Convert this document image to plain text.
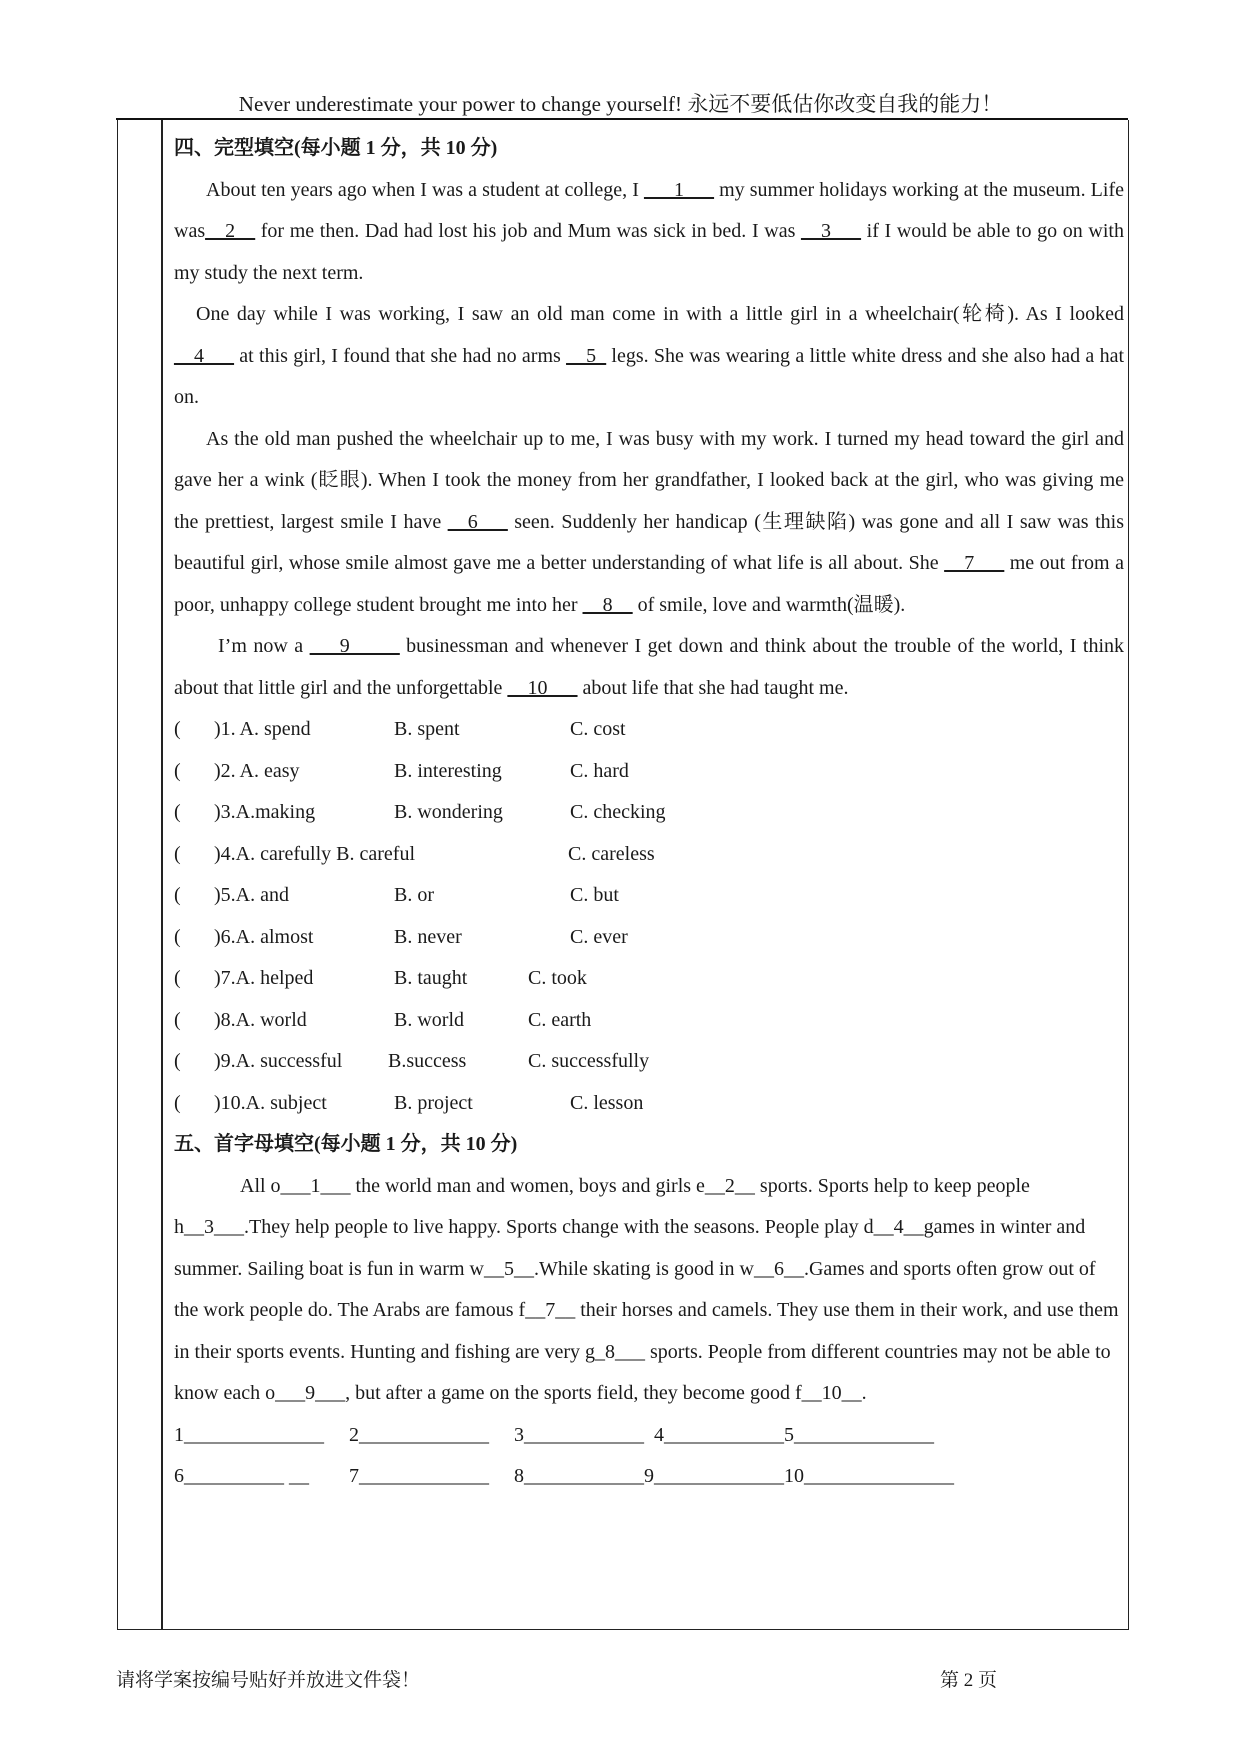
Never underestimate your power to change yourself! 永远不要低估你改变自我的能力！
四、完型填空(每小题 1 分，共 10 分)

About ten years ago when I was a student at college, I ___1___ my summer holidays working at the museum. Life was__2__ for me then. Dad had lost his job and Mum was sick in bed. I was __3___ if I would be able to go on with my study the next term.

One day while I was working, I saw an old man come in with a little girl in a wheelchair(轮椅). As I looked __4___ at this girl, I found that she had no arms __5_ legs. She was wearing a little white dress and she also had a hat on.

As the old man pushed the wheelchair up to me, I was busy with my work. I turned my head toward the girl and gave her a wink (眨眼). When I took the money from her grandfather, I looked back at the girl, who was giving me the prettiest, largest smile I have __6___ seen. Suddenly her handicap (生理缺陷) was gone and all I saw was this beautiful girl, whose smile almost gave me a better understanding of what life is all about. She __7___ me out from a poor, unhappy college student brought me into her __8__ of smile, love and warmth(温暖).

I’m now a ___9_____ businessman and whenever I get down and think about the trouble of the world, I think about that little girl and the unforgettable __10___ about life that she had taught me.

(	)1. A. spend	B. spent	C. cost
(	)2. A. easy	B. interesting	C. hard
(	)3.A.making	B. wondering	C. checking
(	)4.A. carefully B. careful	C. careless
(	)5.A. and	B. or	C. but
(	)6.A. almost	B. never	C. ever
(	)7.A. helped	B. taught	C. took
(	)8.A. world	B. world	C. earth
(	)9.A. successful	B.success	C. successfully
(	)10.A. subject	B. project	C. lesson
五、首字母填空(每小题 1 分，共 10 分)

All o___1___ the world man and women, boys and girls e__2__ sports. Sports help to keep people h__3___.They help people to live happy. Sports change with the seasons. People play d__4__games in winter and summer. Sailing boat is fun in warm w__5__.While skating is good in w__6__.Games and sports often grow out of the work people do. The Arabs are famous f__7__ their horses and camels. They use them in their work, and use them in their sports events. Hunting and fishing are very g_8___ sports. People from different countries may not be able to know each o___9___, but after a game on the sports field, they become good f__10__.

1______________     2_____________     3____________  4____________5______________
6__________ __        7_____________     8____________9_____________10_______________
请将学案按编号贴好并放进文件袋！	第 2 页
